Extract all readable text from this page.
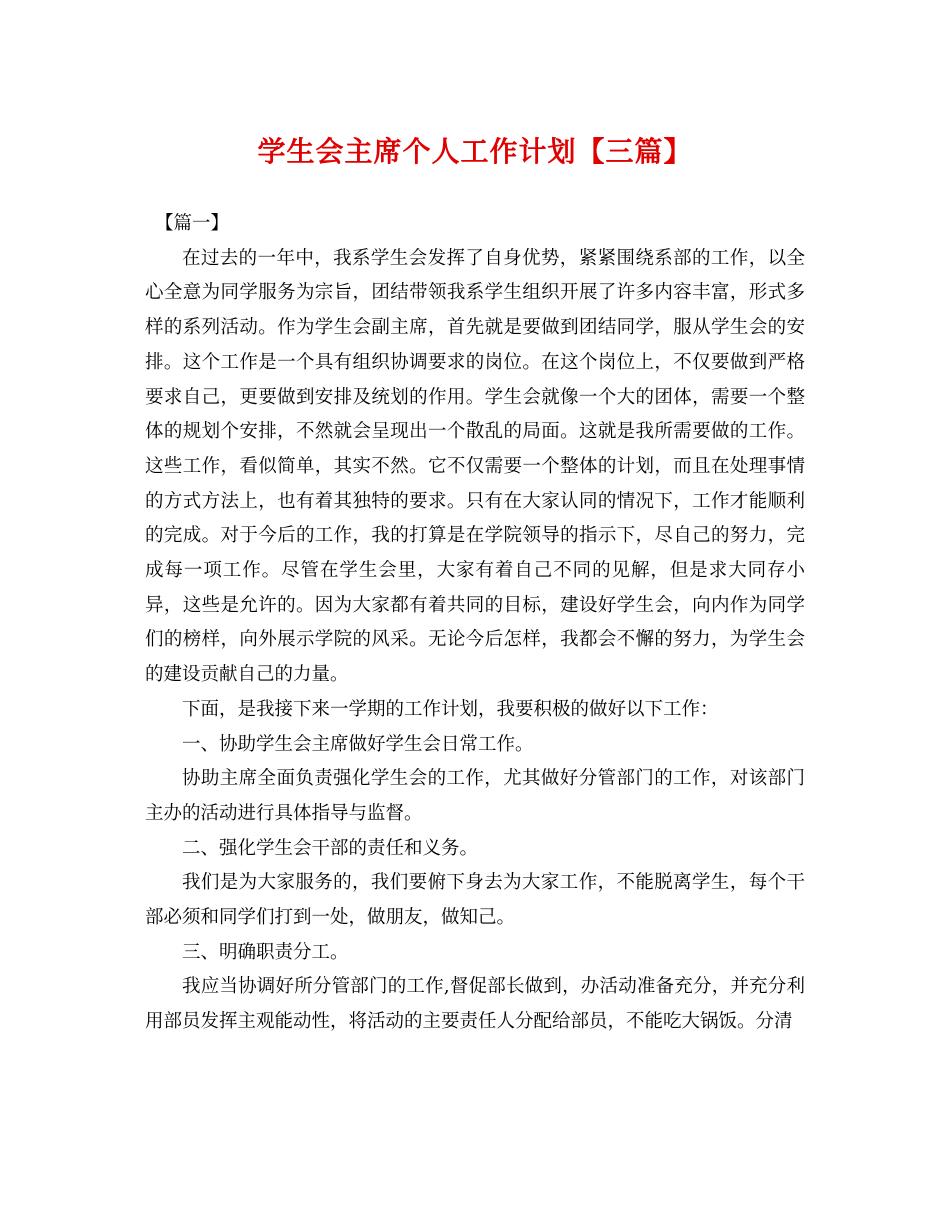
学生会主席个人工作计划【三篇】

【篇一】

在过去的一年中，我系学生会发挥了自身优势，紧紧围绕系部的工作，以全心全意为同学服务为宗旨，团结带领我系学生组织开展了许多内容丰富，形式多样的系列活动。作为学生会副主席，首先就是要做到团结同学，服从学生会的安排。这个工作是一个具有组织协调要求的岗位。在这个岗位上，不仅要做到严格要求自己，更要做到安排及统划的作用。学生会就像一个大的团体，需要一个整体的规划个安排，不然就会呈现出一个散乱的局面。这就是我所需要做的工作。这些工作，看似简单，其实不然。它不仅需要一个整体的计划，而且在处理事情的方式方法上，也有着其独特的要求。只有在大家认同的情况下，工作才能顺利的完成。对于今后的工作，我的打算是在学院领导的指示下，尽自己的努力，完成每一项工作。尽管在学生会里，大家有着自己不同的见解，但是求大同存小异，这些是允许的。因为大家都有着共同的目标，建设好学生会，向内作为同学们的榜样，向外展示学院的风采。无论今后怎样，我都会不懈的努力，为学生会的建设贡献自己的力量。

下面，是我接下来一学期的工作计划，我要积极的做好以下工作：

一、协助学生会主席做好学生会日常工作。

协助主席全面负责强化学生会的工作，尤其做好分管部门的工作，对该部门主办的活动进行具体指导与监督。

二、强化学生会干部的责任和义务。

我们是为大家服务的，我们要俯下身去为大家工作，不能脱离学生，每个干部必须和同学们打到一处，做朋友，做知己。

三、明确职责分工。

我应当协调好所分管部门的工作,督促部长做到，办活动准备充分，并充分利用部员发挥主观能动性，将活动的主要责任人分配给部员，不能吃大锅饭。分清
